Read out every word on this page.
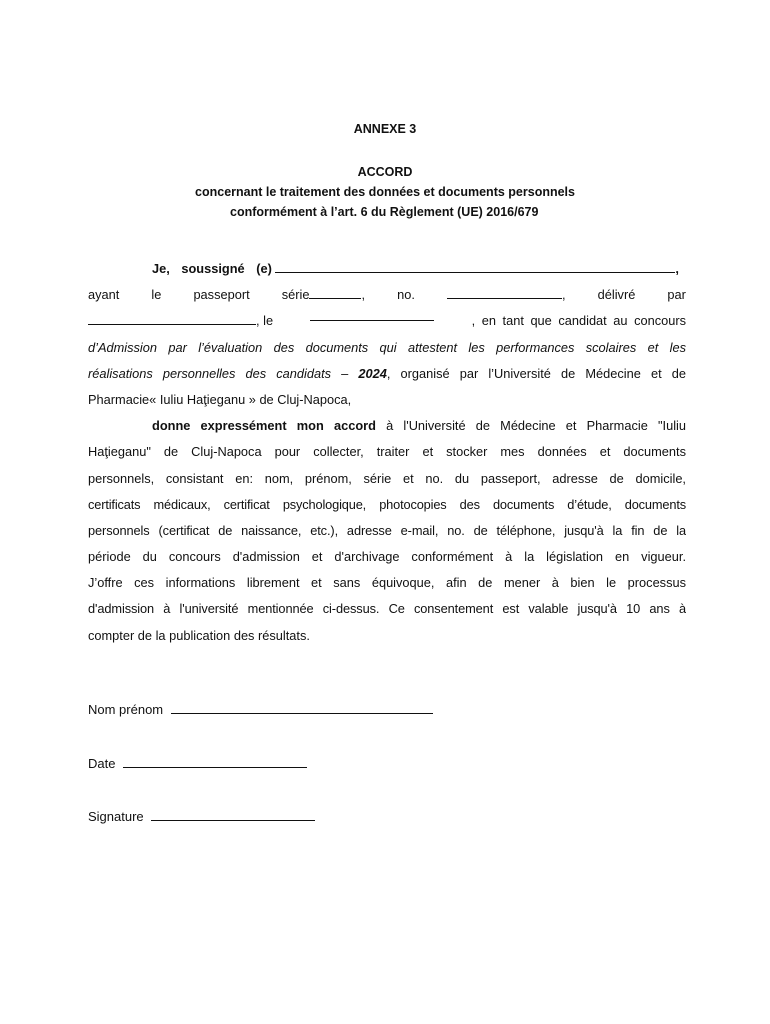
ANNEXE 3
ACCORD
concernant le traitement des données et documents personnels
conformément à l’art. 6 du Règlement (UE) 2016/679
Je, soussigné (e)	,
ayant	le	passeport	série	,	no.	,	délivré	par
, le	, en tant que candidat au concours
d’Admission par l’évaluation des documents qui attestent les performances scolaires et les
réalisations personnelles des candidats – 2024, organisé par l’Université de Médecine et de
Pharmacie« Iuliu Haţieganu » de Cluj-Napoca,
donne expressément mon accord à l'Université de Médecine et Pharmacie "Iuliu
Haţieganu" de Cluj-Napoca pour collecter, traiter et stocker mes données et documents
personnels, consistant en: nom, prénom, série et no. du passeport, adresse de domicile,
certificats médicaux, certificat psychologique, photocopies des documents d’étude, documents
personnels (certificat de naissance, etc.), adresse e-mail, no. de téléphone, jusqu'à la fin de la
période du concours d'admission et d'archivage conformément à la législation en vigueur.
J’offre ces informations librement et sans équivoque, afin de mener à bien le processus
d'admission à l'université mentionnée ci-dessus. Ce consentement est valable jusqu'à 10 ans à
compter de la publication des résultats.
Nom prénom
Date
Signature
